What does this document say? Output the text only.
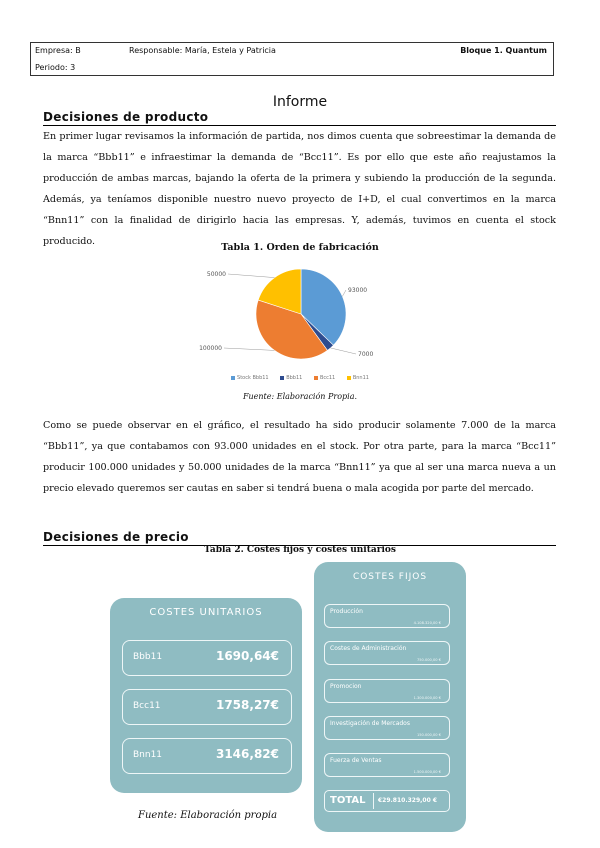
Empresa: B	Responsable: María, Estela y Patricia	Bloque 1. Quantum
Periodo: 3
Informe
Decisiones de producto
En primer lugar revisamos la información de partida, nos dimos cuenta que sobreestimar la demanda de la marca “Bbb11” e infraestimar la demanda de “Bcc11”. Es por ello que este año reajustamos la producción de ambas marcas, bajando la oferta de la primera y subiendo la producción de la segunda. Además, ya teníamos disponible nuestro nuevo proyecto de I+D, el cual convertimos en la marca “Bnn11” con la finalidad de dirigirlo hacia las empresas. Y, además, tuvimos en cuenta el stock producido.
Tabla 1. Orden de fabricación
93000
7000
100000
50000
Stock Bbb11	Bbb11	Bcc11	Bnn11
Fuente: Elaboración Propia.
Como se puede observar en el gráfico, el resultado ha sido producir solamente 7.000 de la marca “Bbb11”, ya que contabamos con 93.000 unidades en el stock. Por otra parte, para la marca “Bcc11” producir 100.000 unidades y 50.000 unidades de la marca “Bnn11” ya que al ser una marca nueva a un precio elevado queremos ser cautas en saber si tendrá buena o mala acogida por parte del mercado.
Decisiones de precio
Tabla 2. Costes fijos y costes unitarios
COSTES UNITARIOS
Bbb11	1690,64€
Bcc11	1758,27€
Bnn11	3146,82€
COSTES FIJOS
Producción
4.108.320,00 €
Costes de Administración
750.000,00 €
Promocion
1.300.000,00 €
Investigación de Mercados
150.000,00 €
Fuerza de Ventas
1.500.000,00 €
TOTAL €29.810.329,00 €
Fuente: Elaboración propia
